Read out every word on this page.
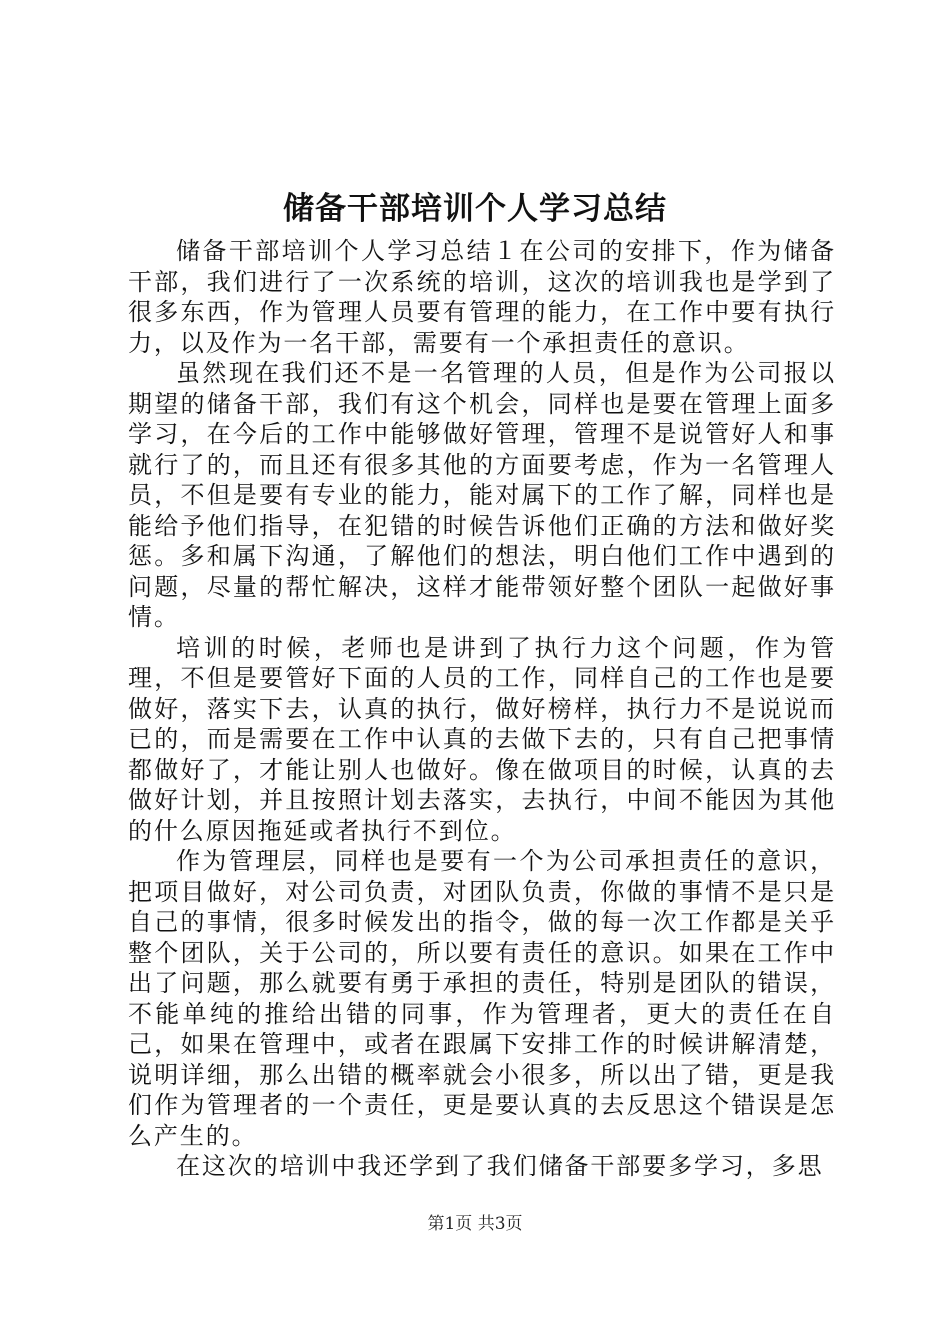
储备干部培训个人学习总结

储备干部培训个人学习总结１在公司的安排下，作为储备干部，我们进行了一次系统的培训，这次的培训我也是学到了很多东西，作为管理人员要有管理的能力，在工作中要有执行力，以及作为一名干部，需要有一个承担责任的意识。

虽然现在我们还不是一名管理的人员，但是作为公司报以期望的储备干部，我们有这个机会，同样也是要在管理上面多学习，在今后的工作中能够做好管理，管理不是说管好人和事就行了的，而且还有很多其他的方面要考虑，作为一名管理人员，不但是要有专业的能力，能对属下的工作了解，同样也是能给予他们指导，在犯错的时候告诉他们正确的方法和做好奖惩。多和属下沟通，了解他们的想法，明白他们工作中遇到的问题，尽量的帮忙解决，这样才能带领好整个团队一起做好事情。

培训的时候，老师也是讲到了执行力这个问题，作为管理，不但是要管好下面的人员的工作，同样自己的工作也是要做好，落实下去，认真的执行，做好榜样，执行力不是说说而已的，而是需要在工作中认真的去做下去的，只有自己把事情都做好了，才能让别人也做好。像在做项目的时候，认真的去做好计划，并且按照计划去落实，去执行，中间不能因为其他的什么原因拖延或者执行不到位。

作为管理层，同样也是要有一个为公司承担责任的意识，把项目做好，对公司负责，对团队负责，你做的事情不是只是自己的事情，很多时候发出的指令，做的每一次工作都是关乎整个团队，关于公司的，所以要有责任的意识。如果在工作中出了问题，那么就要有勇于承担的责任，特别是团队的错误，不能单纯的推给出错的同事，作为管理者，更大的责任在自己，如果在管理中，或者在跟属下安排工作的时候讲解清楚，说明详细，那么出错的概率就会小很多，所以出了错，更是我们作为管理者的一个责任，更是要认真的去反思这个错误是怎么产生的。

在这次的培训中我还学到了我们储备干部要多学习，多思

第1页 共3页
